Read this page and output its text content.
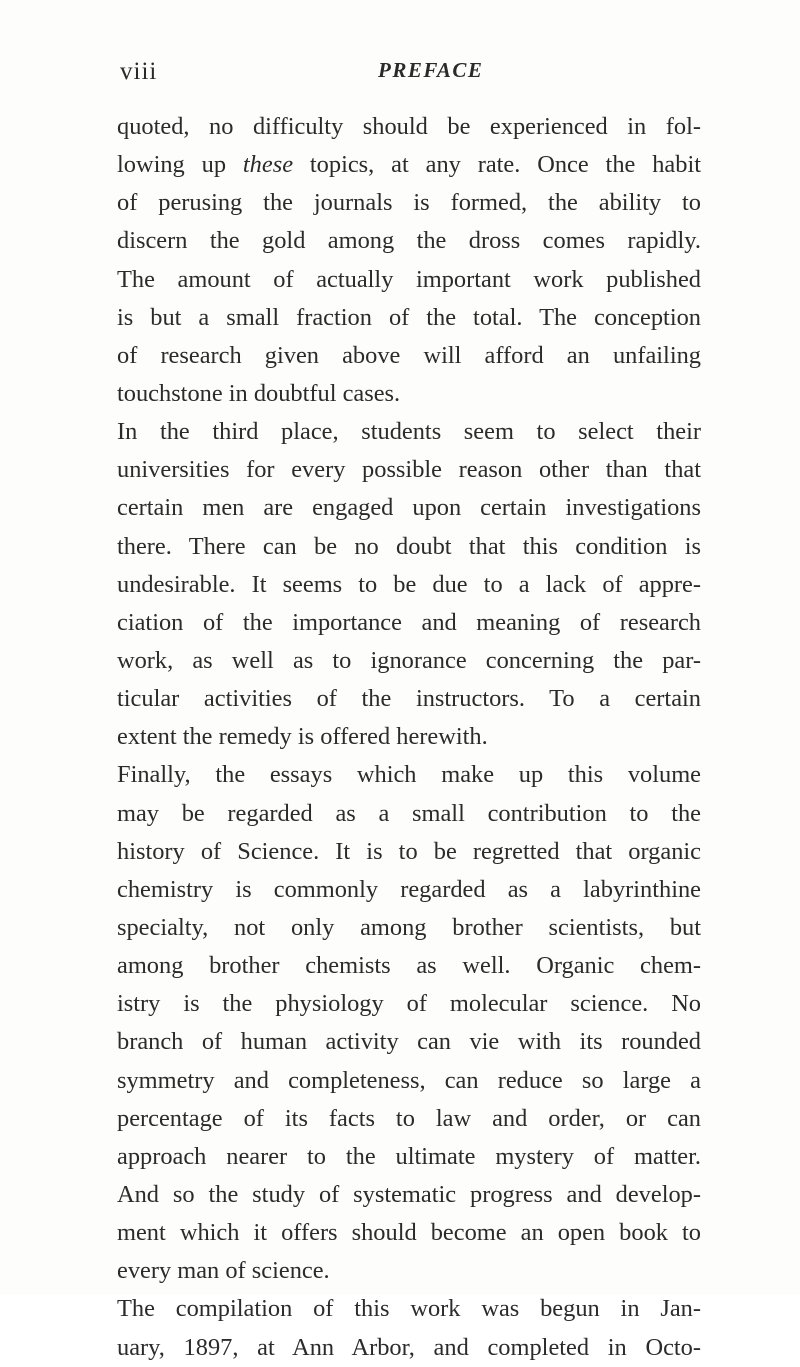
viii	PREFACE
quoted, no difficulty should be experienced in fol-
lowing up these topics, at any rate. Once the habit
of perusing the journals is formed, the ability to
discern the gold among the dross comes rapidly.
The amount of actually important work published
is but a small fraction of the total. The conception
of research given above will afford an unfailing
touchstone in doubtful cases.
In the third place, students seem to select their
universities for every possible reason other than that
certain men are engaged upon certain investigations
there. There can be no doubt that this condition is
undesirable. It seems to be due to a lack of appre-
ciation of the importance and meaning of research
work, as well as to ignorance concerning the par-
ticular activities of the instructors. To a certain
extent the remedy is offered herewith.
Finally, the essays which make up this volume
may be regarded as a small contribution to the
history of Science. It is to be regretted that organic
chemistry is commonly regarded as a labyrinthine
specialty, not only among brother scientists, but
among brother chemists as well. Organic chem-
istry is the physiology of molecular science. No
branch of human activity can vie with its rounded
symmetry and completeness, can reduce so large a
percentage of its facts to law and order, or can
approach nearer to the ultimate mystery of matter.
And so the study of systematic progress and develop-
ment which it offers should become an open book to
every man of science.
The compilation of this work was begun in Jan-
uary, 1897, at Ann Arbor, and completed in Octo-
